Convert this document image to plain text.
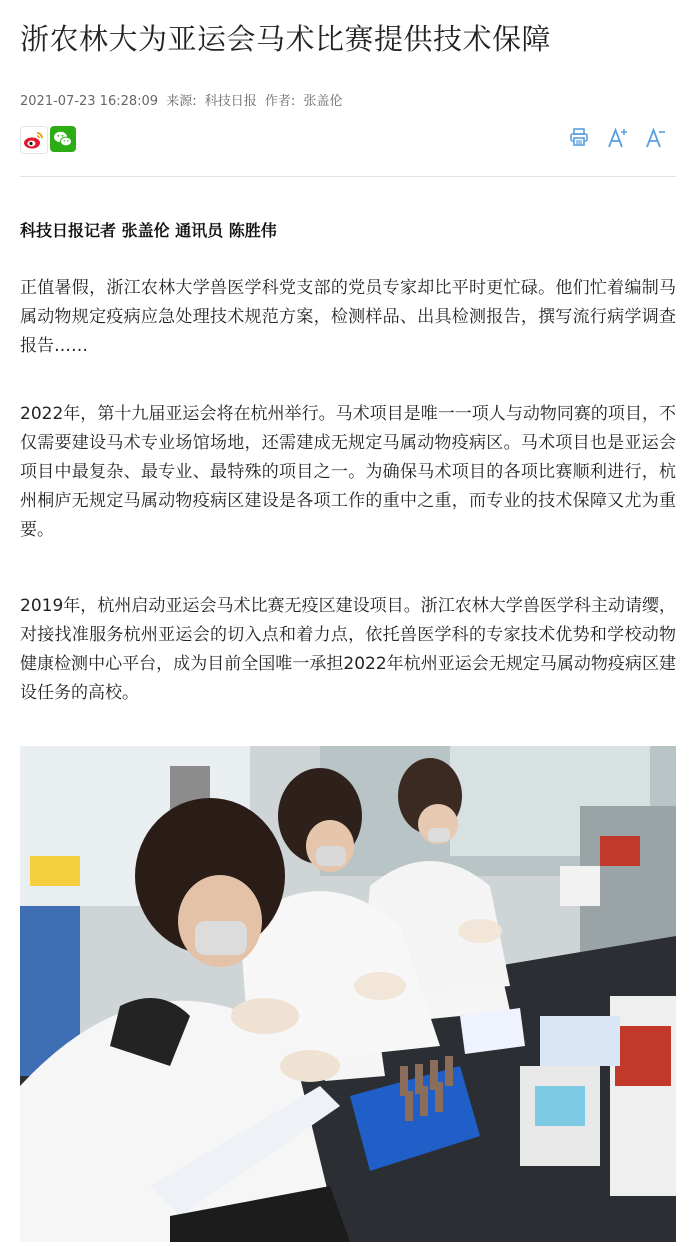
浙农林大为亚运会马术比赛提供技术保障
2021-07-23 16:28:09 来源: 科技日报 作者: 张盖伦
科技日报记者 张盖伦 通讯员 陈胜伟

正值暑假，浙江农林大学兽医学科党支部的党员专家却比平时更忙碌。他们忙着编制马属动物规定疫病应急处理技术规范方案，检测样品、出具检测报告，撰写流行病学调查报告……

2022年，第十九届亚运会将在杭州举行。马术项目是唯一一项人与动物同赛的项目，不仅需要建设马术专业场馆场地，还需建成无规定马属动物疫病区。马术项目也是亚运会项目中最复杂、最专业、最特殊的项目之一。为确保马术项目的各项比赛顺利进行，杭州桐庐无规定马属动物疫病区建设是各项工作的重中之重，而专业的技术保障又尤为重要。

2019年，杭州启动亚运会马术比赛无疫区建设项目。浙江农林大学兽医学科主动请缨，对接找准服务杭州亚运会的切入点和着力点，依托兽医学科的专家技术优势和学校动物健康检测中心平台，成为目前全国唯一承担2022年杭州亚运会无规定马属动物疫病区建设任务的高校。
